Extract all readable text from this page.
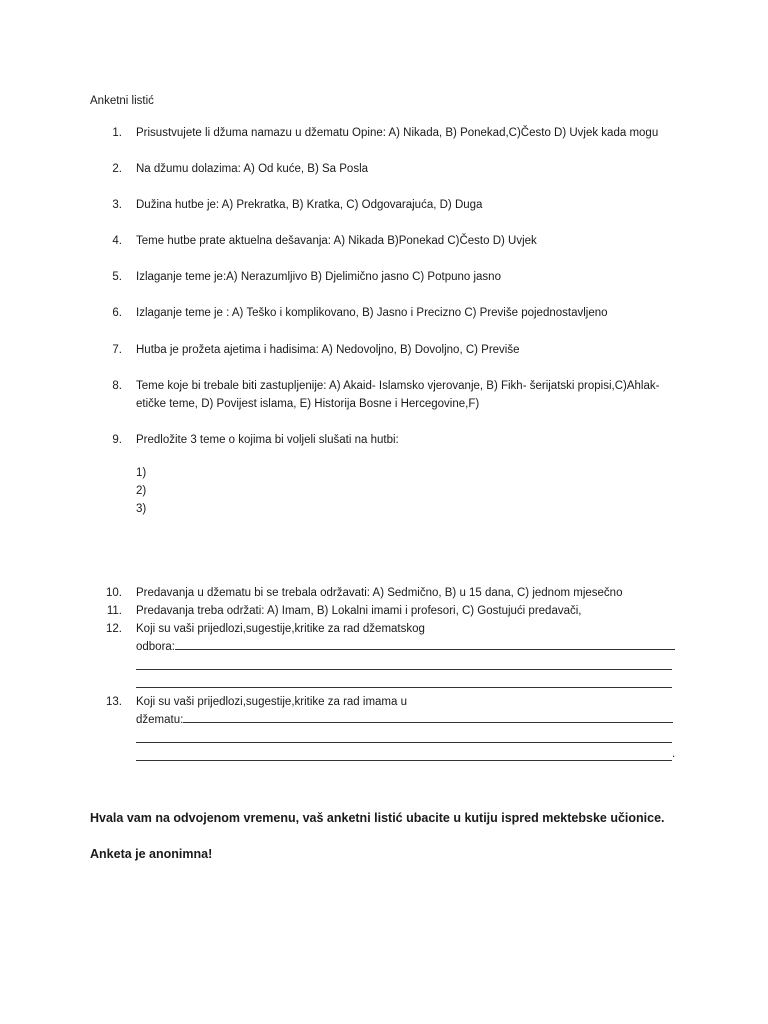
Anketni listić
1. Prisustvujete li džuma namazu u džematu Opine: A) Nikada, B) Ponekad,C)Često D) Uvjek kada mogu
2. Na džumu dolazima: A) Od kuće, B) Sa Posla
3. Dužina hutbe je: A) Prekratka, B) Kratka, C) Odgovarajuća, D) Duga
4. Teme hutbe prate aktuelna dešavanja: A) Nikada B)Ponekad C)Često D) Uvjek
5. Izlaganje teme je:A) Nerazumljivo B) Djelimično jasno C) Potpuno jasno
6. Izlaganje teme je : A) Teško i komplikovano, B) Jasno i Precizno C) Previše pojednostavljeno
7. Hutba je prožeta ajetima i hadisima: A) Nedovoljno, B) Dovoljno, C) Previše
8. Teme koje bi trebale biti zastupljenije: A) Akaid- Islamsko vjerovanje, B) Fikh- šerijatski propisi,C)Ahlak-etičke teme, D) Povijest islama, E) Historija Bosne i Hercegovine,F)
9. Predložite 3 teme o kojima bi voljeli slušati na hutbi:
1)
2)
3)
10. Predavanja u džematu bi se trebala održavati: A) Sedmično, B) u 15 dana, C) jednom mjesečno
11. Predavanja treba održati: A) Imam, B) Lokalni imami i profesori, C) Gostujući predavači,
12. Koji su vaši prijedlozi,sugestije,kritike za rad džematskog
odbora:
13. Koji su vaši prijedlozi,sugestije,kritike za rad imama u
džematu:
.
Hvala vam na odvojenom vremenu, vaš anketni listić ubacite u kutiju ispred mektebske učionice.
Anketa je anonimna!
